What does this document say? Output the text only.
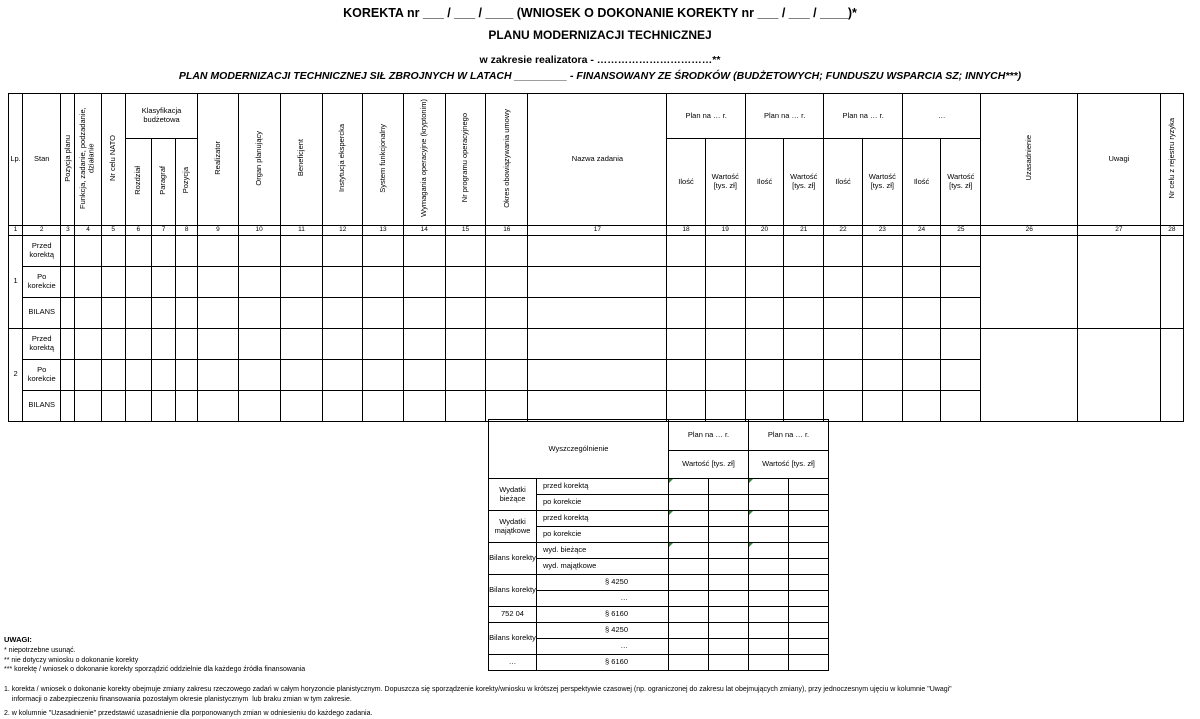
KOREKTA nr ___ / ___ / ____ (WNIOSEK O DOKONANIE KOREKTY nr ___ / ___ / ____)*
PLANU MODERNIZACJI TECHNICZNEJ
w zakresie realizatora - ……………………………**
PLAN MODERNIZACJI TECHNICZNEJ SIŁ ZBROJNYCH W LATACH _________ - FINANSOWANY ZE ŚRODKÓW (BUDŻETOWYCH; FUNDUSZU WSPARCIA SZ; INNYCH***)
Lp.	Stan	Pozycja planu	Funkcja, zadanie, podzadanie, działanie	Nr celu NATO	Klasyfikacja budżetowa			Realizator	Organ planujący	Beneficjent	Instytucja ekspercka	System funkcjonalny	Wymagania operacyjne (kryptonim)	Nr programu operacyjnego	Okres obowiązywania umowy	Nazwa zadania	Plan na … r.		Plan na … r.		Plan na … r.		…		Uzasadnienie	Uwagi	Nr celu z rejestru ryzyka
					Rozdział	Paragraf	Pozycja										Ilość	Wartość [tys. zł]	Ilość	Wartość [tys. zł]	Ilość	Wartość [tys. zł]	Ilość	Wartość [tys. zł]			
1	2	3	4	5	6	7	8	9	10	11	12	13	14	15	16	17	18	19	20	21	22	23	24	25	26	27	28
1	Przed korektą																										
	Po korekcie																										
	BILANS																										
2	Przed korektą																										
	Po korekcie																										
	BILANS																										
Wyszczególnienie		Plan na … r.		Plan na … r.	
		Wartość [tys. zł]		Wartość [tys. zł]	
Wydatki bieżące	przed korektą				
	po korekcie				
Wydatki majątkowe	przed korektą				
	po korekcie				
Bilans korekty	wyd. bieżące				
	wyd. majątkowe				
Bilans korekty	§ 4250				
	…				
752 04	§ 6160				
Bilans korekty	§ 4250				
	…				
…	§ 6160				
UWAGI:
* niepotrzebne usunąć.
** nie dotyczy wniosku o dokonanie korekty
*** korektę / wniosek o dokonanie korekty sporządzić oddzielnie dla każdego źródła finansowania
1. korekta / wniosek o dokonanie korekty obejmuje zmiany zakresu rzeczowego zadań w całym horyzoncie planistycznym. Dopuszcza się sporządzenie korekty/wniosku w krótszej perspektywie czasowej (np. ograniczonej do zakresu lat obejmujących zmiany), przy jednoczesnym ujęciu w kolumnie "Uwagi"
informacji o zabezpieczeniu finansowania pozostałym okresie planistycznym  lub braku zmian w tym zakresie.
2. w kolumnie "Uzasadnienie" przedstawić uzasadnienie dla porponowanych zmian w odniesieniu do każdego zadania.
